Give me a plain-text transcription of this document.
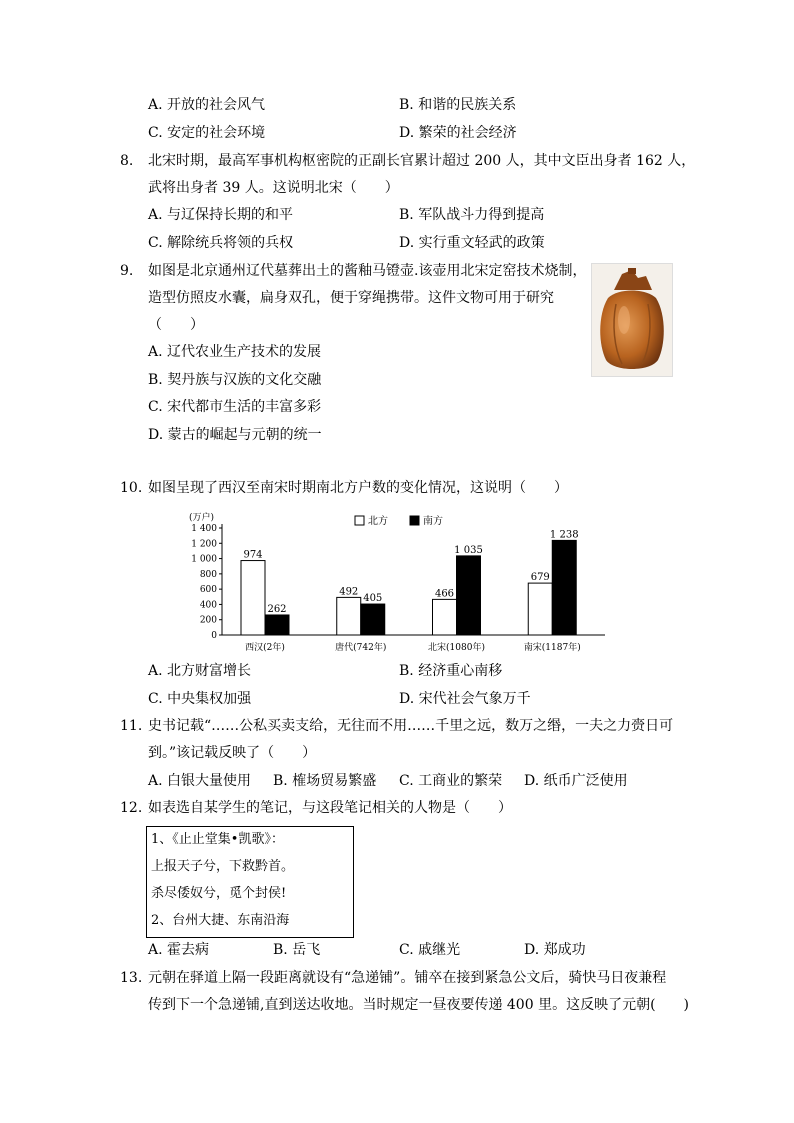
A. 开放的社会风气	B. 和谐的民族关系
C. 安定的社会环境	D. 繁荣的社会经济
8. 北宋时期，最高军事机构枢密院的正副长官累计超过 200 人，其中文臣出身者 162 人，
武将出身者 39 人。这说明北宋（　　）
A. 与辽保持长期的和平	B. 军队战斗力得到提高
C. 解除统兵将领的兵权	D. 实行重文轻武的政策
9. 如图是北京通州辽代墓葬出土的酱釉马镫壶.该壶用北宋定窑技术烧制，
造型仿照皮水囊，扁身双孔，便于穿绳携带。这件文物可用于研究
（　　）
A. 辽代农业生产技术的发展
B. 契丹族与汉族的文化交融
C. 宋代都市生活的丰富多彩
D. 蒙古的崛起与元朝的统一
10. 如图呈现了西汉至南宋时期南北方户数的变化情况，这说明（　　）
(万户)
0
200
400
600
800
1 000
1 200
1 400
北方	南方
974
262
西汉(2年)
492
405
唐代(742年)
466
1 035
北宋(1080年)
679
1 238
南宋(1187年)
A. 北方财富增长	B. 经济重心南移
C. 中央集权加强	D. 宋代社会气象万千
11. 史书记载“……公私买卖支给，无往而不用……千里之远，数万之缗，一夫之力赍日可
到。”该记载反映了（　　）
A. 白银大量使用 B. 榷场贸易繁盛 C. 工商业的繁荣 D. 纸币广泛使用
12. 如表选自某学生的笔记，与这段笔记相关的人物是（　　）
1、《止止堂集•凯歌》：
上报天子兮，下救黔首。
杀尽倭奴兮，觅个封侯!
2、台州大捷、东南沿海
A. 霍去病	B. 岳飞	C. 戚继光	D. 郑成功
13. 元朝在驿道上隔一段距离就设有“急递铺”。铺卒在接到紧急公文后，骑快马日夜兼程
传到下一个急递铺,直到送达收地。当时规定一昼夜要传递 400 里。这反映了元朝(　　)
